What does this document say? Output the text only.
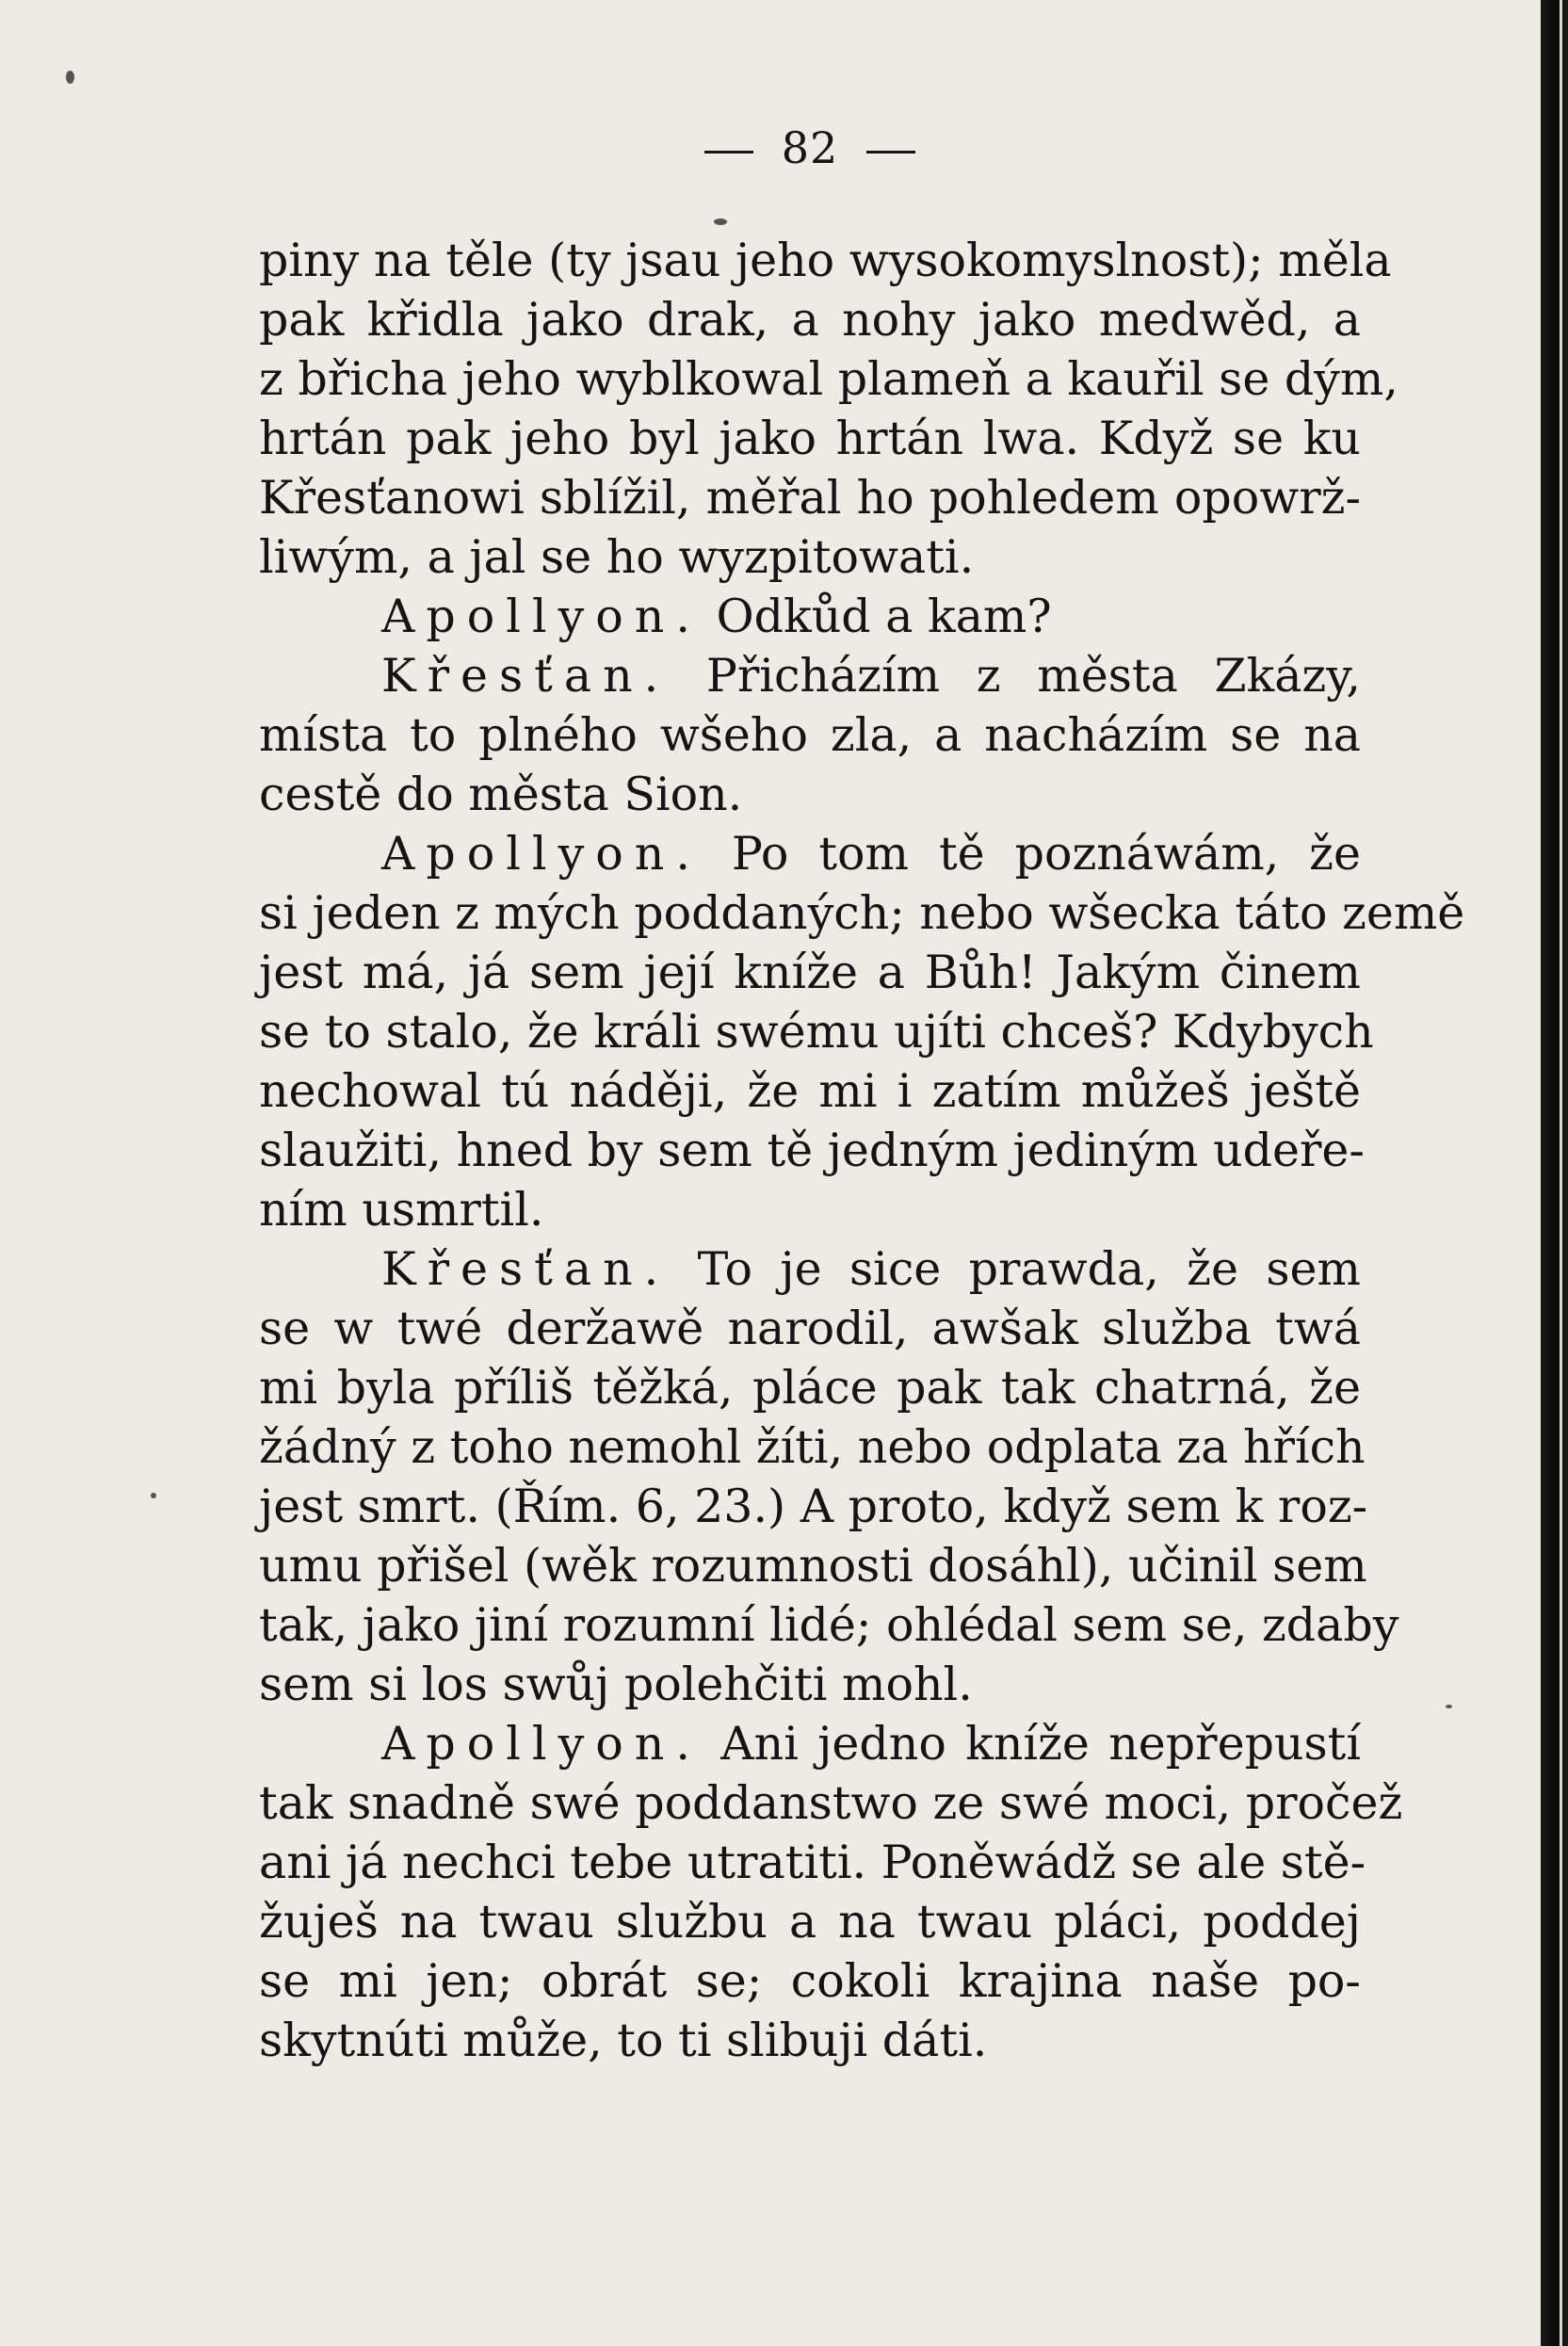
82
piny na těle (ty jsau jeho wysokomyslnost); měla
pak křidla jako drak, a nohy jako medwěd, a
z břicha jeho wyblkowal plameň a kauřil se dým,
hrtán pak jeho byl jako hrtán lwa. Když se ku
Křesťanowi sblížil, měřal ho pohledem opowrž-
liwým, a jal se ho wyzpitowati.
Apollyon. Odkůd a kam?
Křesťan. Přicházím z města Zkázy,
místa to plného wšeho zla, a nacházím se na
cestě do města Sion.
Apollyon. Po tom tě poznáwám, že
si jeden z mých poddaných; nebo wšecka táto země
jest má, já sem její kníže a Bůh! Jakým činem
se to stalo, že králi swému ujíti chceš? Kdybych
nechowal tú náději, že mi i zatím můžeš ještě
slaužiti, hned by sem tě jedným jediným udeře-
ním usmrtil.
Křesťan. To je sice prawda, že sem
se w twé deržawě narodil, awšak služba twá
mi byla příliš těžká, pláce pak tak chatrná, že
žádný z toho nemohl žíti, nebo odplata za hřích
jest smrt. (Řím. 6, 23.) A proto, když sem k roz-
umu přišel (wěk rozumnosti dosáhl), učinil sem
tak, jako jiní rozumní lidé; ohlédal sem se, zdaby
sem si los swůj polehčiti mohl.
Apollyon. Ani jedno kníže nepřepustí
tak snadně swé poddanstwo ze swé moci, pročež
ani já nechci tebe utratiti. Poněwádž se ale stě-
žuješ na twau službu a na twau pláci, poddej
se mi jen; obrát se; cokoli krajina naše po-
skytnúti může, to ti slibuji dáti.
